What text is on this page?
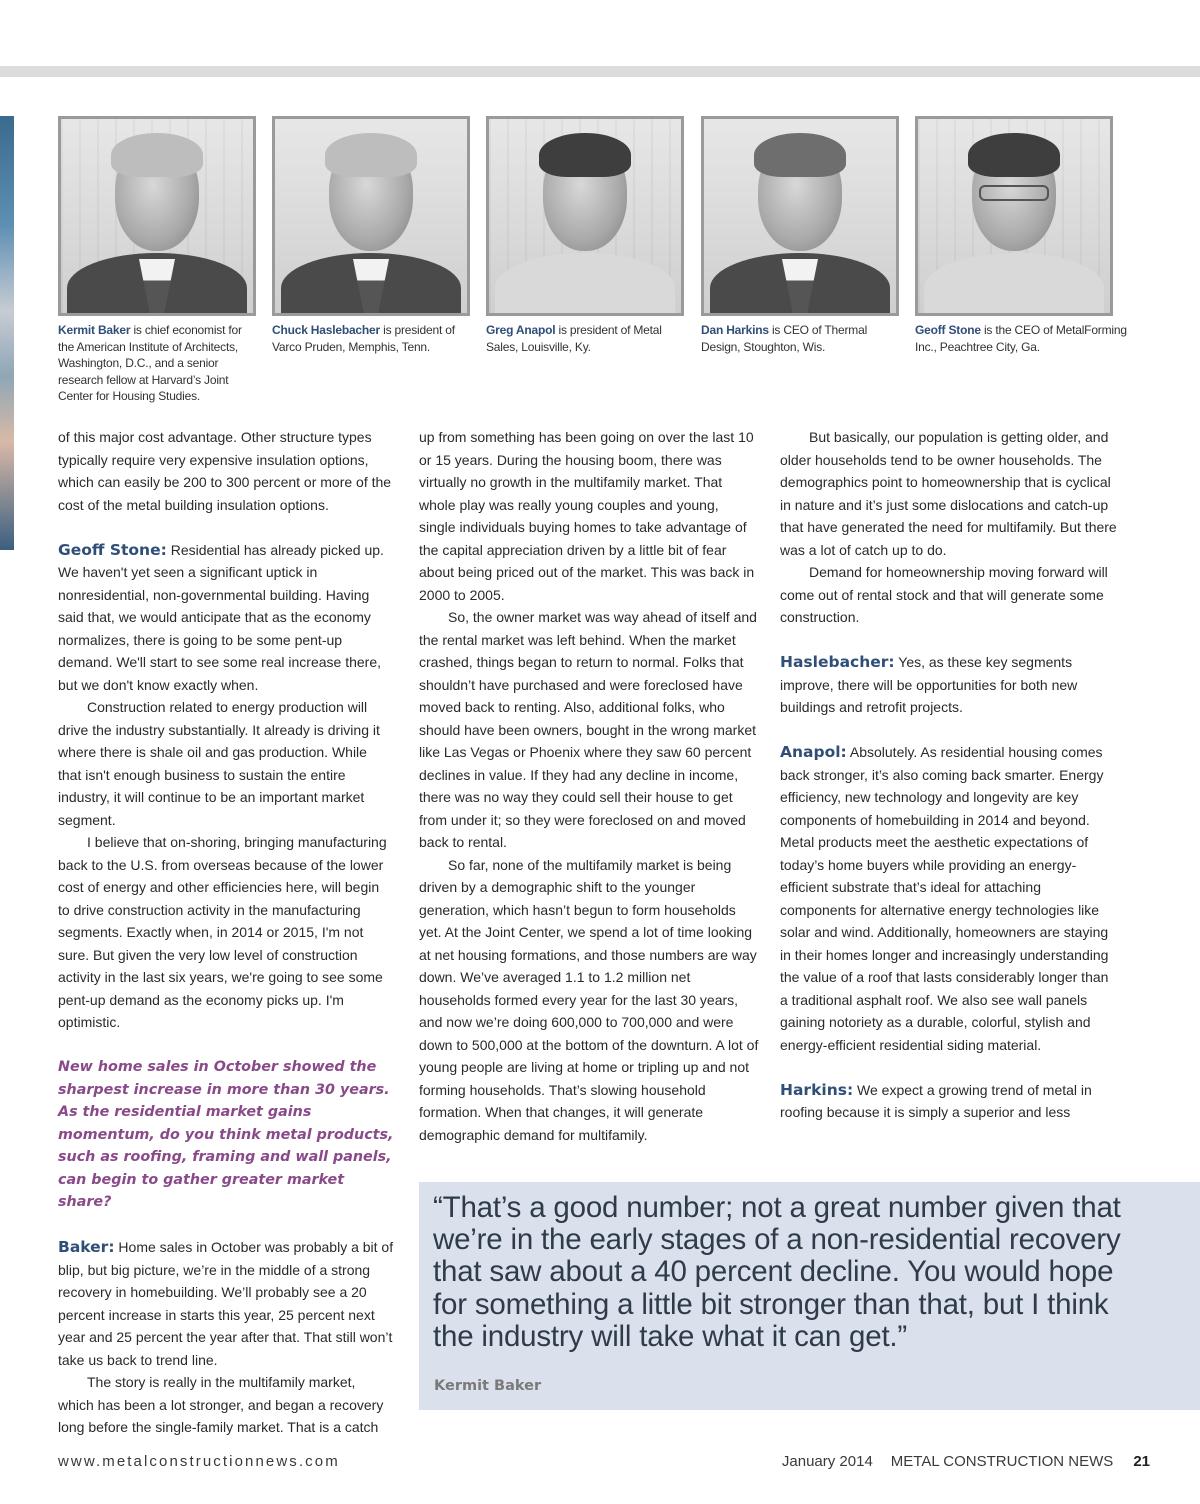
Kermit Baker is chief economist for the American Institute of Architects, Washington, D.C., and a senior research fellow at Harvard’s Joint Center for Housing Studies.
Chuck Haslebacher is president of Varco Pruden, Memphis, Tenn.
Greg Anapol is president of Metal Sales, Louisville, Ky.
Dan Harkins is CEO of Thermal Design, Stoughton, Wis.
Geoff Stone is the CEO of MetalForming Inc., Peachtree City, Ga.

of this major cost advantage. Other structure types typically require very expensive insulation options, which can easily be 200 to 300 percent or more of the cost of the metal building insulation options.

Geoff Stone: Residential has already picked up. We haven't yet seen a significant uptick in nonresidential, non-governmental building. Having said that, we would anticipate that as the economy normalizes, there is going to be some pent-up demand. We'll start to see some real increase there, but we don't know exactly when.

Construction related to energy production will drive the industry substantially. It already is driving it where there is shale oil and gas production. While that isn't enough business to sustain the entire industry, it will continue to be an important market segment.

I believe that on-shoring, bringing manufacturing back to the U.S. from overseas because of the lower cost of energy and other efficiencies here, will begin to drive construction activity in the manufacturing segments. Exactly when, in 2014 or 2015, I'm not sure. But given the very low level of construction activity in the last six years, we're going to see some pent-up demand as the economy picks up. I'm optimistic.

New home sales in October showed the sharpest increase in more than 30 years. As the residential market gains momentum, do you think metal products, such as roofing, framing and wall panels, can begin to gather greater market share?

Baker: Home sales in October was probably a bit of blip, but big picture, we’re in the middle of a strong recovery in homebuilding. We’ll probably see a 20 percent increase in starts this year, 25 percent next year and 25 percent the year after that. That still won’t take us back to trend line.

The story is really in the multifamily market, which has been a lot stronger, and began a recovery long before the single-family market. That is a catch

up from something has been going on over the last 10 or 15 years. During the housing boom, there was virtually no growth in the multifamily market. That whole play was really young couples and young, single individuals buying homes to take advantage of the capital appreciation driven by a little bit of fear about being priced out of the market. This was back in 2000 to 2005.

So, the owner market was way ahead of itself and the rental market was left behind. When the market crashed, things began to return to normal. Folks that shouldn’t have purchased and were foreclosed have moved back to renting. Also, additional folks, who should have been owners, bought in the wrong market like Las Vegas or Phoenix where they saw 60 percent declines in value. If they had any decline in income, there was no way they could sell their house to get from under it; so they were foreclosed on and moved back to rental.

So far, none of the multifamily market is being driven by a demographic shift to the younger generation, which hasn’t begun to form households yet. At the Joint Center, we spend a lot of time looking at net housing formations, and those numbers are way down. We’ve averaged 1.1 to 1.2 million net households formed every year for the last 30 years, and now we’re doing 600,000 to 700,000 and were down to 500,000 at the bottom of the downturn. A lot of young people are living at home or tripling up and not forming households. That’s slowing household formation. When that changes, it will generate demographic demand for multifamily.

But basically, our population is getting older, and older households tend to be owner households. The demographics point to homeownership that is cyclical in nature and it’s just some dislocations and catch-up that have generated the need for multifamily. But there was a lot of catch up to do.

Demand for homeownership moving forward will come out of rental stock and that will generate some construction.

Haslebacher: Yes, as these key segments improve, there will be opportunities for both new buildings and retrofit projects.

Anapol: Absolutely. As residential housing comes back stronger, it’s also coming back smarter. Energy efficiency, new technology and longevity are key components of homebuilding in 2014 and beyond. Metal products meet the aesthetic expectations of today’s home buyers while providing an energy-efficient substrate that’s ideal for attaching components for alternative energy technologies like solar and wind. Additionally, homeowners are staying in their homes longer and increasingly understanding the value of a roof that lasts considerably longer than a traditional asphalt roof. We also see wall panels gaining notoriety as a durable, colorful, stylish and energy-efficient residential siding material.

Harkins: We expect a growing trend of metal in roofing because it is simply a superior and less

“That’s a good number; not a great number given that we’re in the early stages of a non-residential recovery that saw about a 40 percent decline. You would hope for something a little bit stronger than that, but I think the industry will take what it can get.”
Kermit Baker
www.metalconstructionnews.com	January 2014 METAL CONSTRUCTION NEWS 21
